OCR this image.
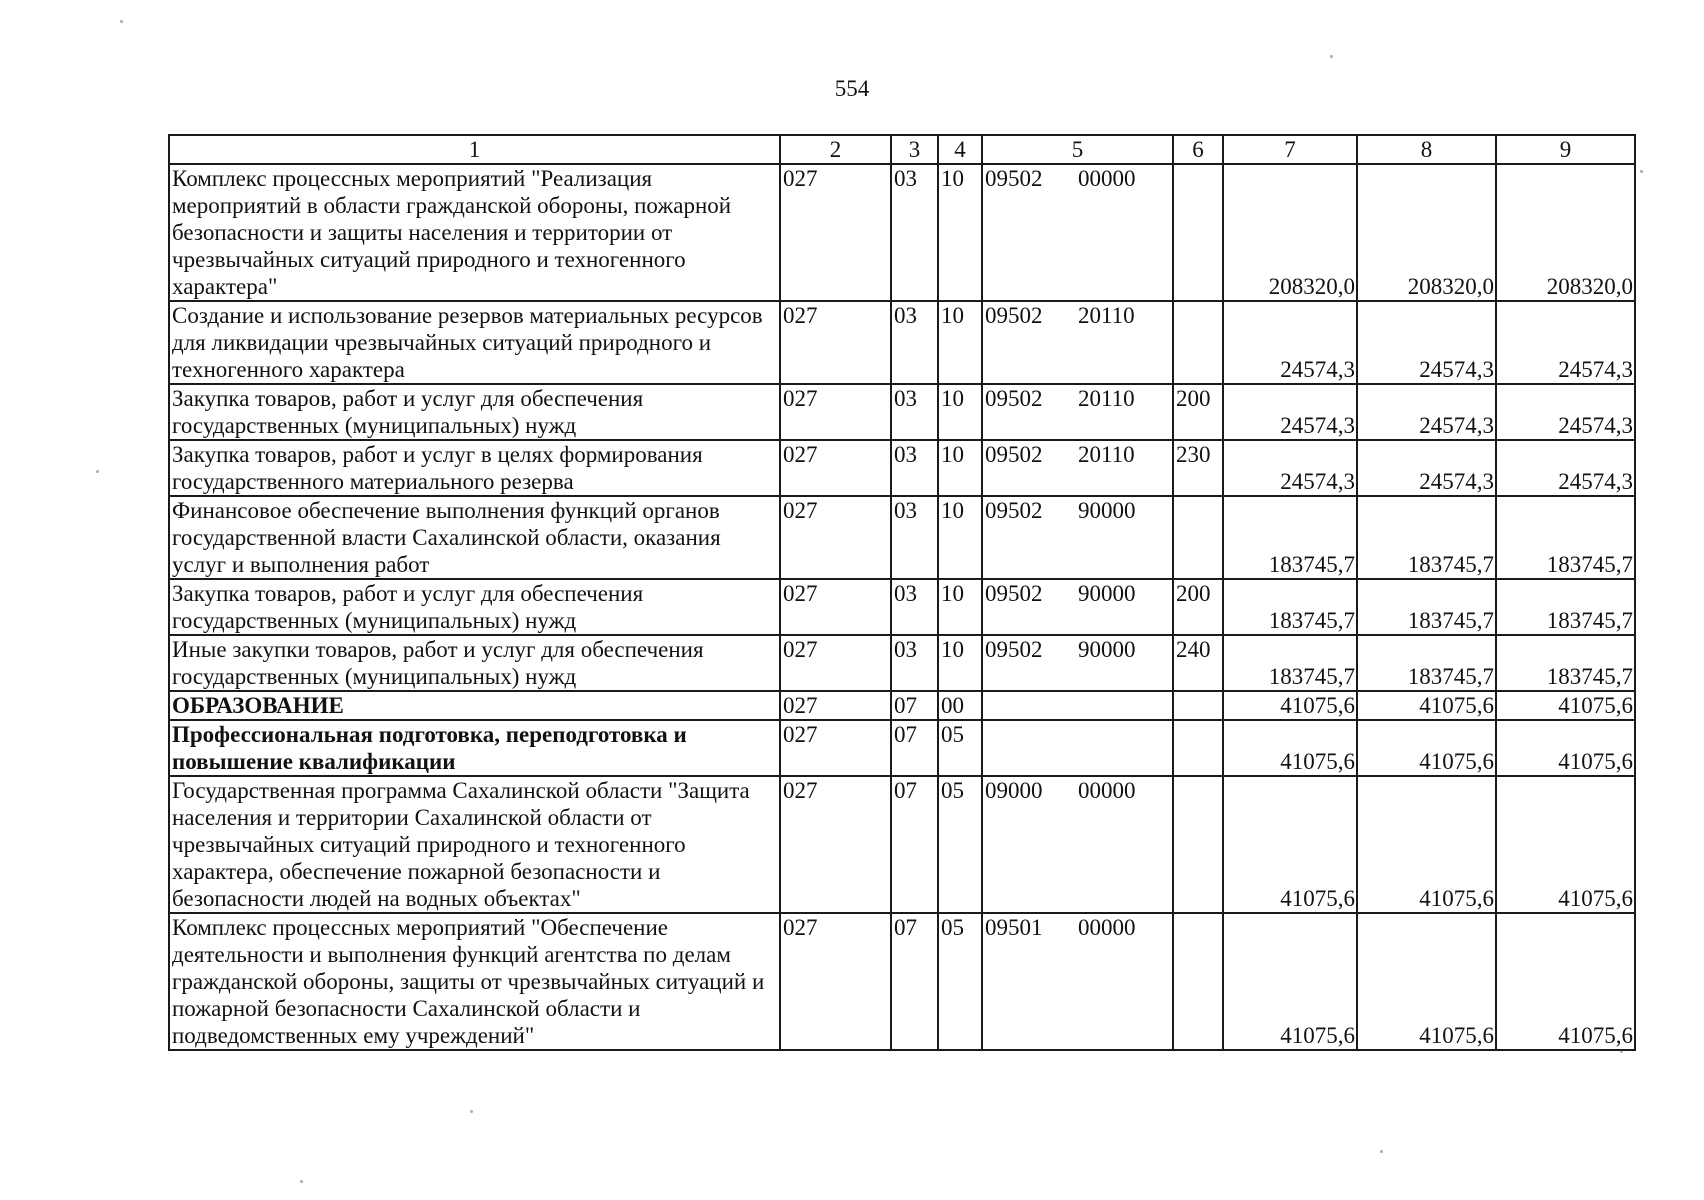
554
1	2	3	4	5	6	7	8	9
Комплекс процессных мероприятий "Реализация мероприятий в области гражданской обороны, пожарной безопасности и защиты населения и территории от чрезвычайных ситуаций природного и техногенного характера"	027	03	10	09502 00000		208320,0	208320,0	208320,0
Создание и использование резервов материальных ресурсов для ликвидации чрезвычайных ситуаций природного и техногенного характера	027	03	10	09502 20110		24574,3	24574,3	24574,3
Закупка товаров, работ и услуг для обеспечения государственных (муниципальных) нужд	027	03	10	09502 20110	200	24574,3	24574,3	24574,3
Закупка товаров, работ и услуг в целях формирования государственного материального резерва	027	03	10	09502 20110	230	24574,3	24574,3	24574,3
Финансовое обеспечение выполнения функций органов государственной власти Сахалинской области, оказания услуг и выполнения работ	027	03	10	09502 90000		183745,7	183745,7	183745,7
Закупка товаров, работ и услуг для обеспечения государственных (муниципальных) нужд	027	03	10	09502 90000	200	183745,7	183745,7	183745,7
Иные закупки товаров, работ и услуг для обеспечения государственных (муниципальных) нужд	027	03	10	09502 90000	240	183745,7	183745,7	183745,7
ОБРАЗОВАНИЕ	027	07	00			41075,6	41075,6	41075,6
Профессиональная подготовка, переподготовка и повышение квалификации	027	07	05			41075,6	41075,6	41075,6
Государственная программа Сахалинской области "Защита населения и территории Сахалинской области от чрезвычайных ситуаций природного и техногенного характера, обеспечение пожарной безопасности и безопасности людей на водных объектах"	027	07	05	09000 00000		41075,6	41075,6	41075,6
Комплекс процессных мероприятий "Обеспечение деятельности и выполнения функций агентства по делам гражданской обороны, защиты от чрезвычайных ситуаций и пожарной безопасности Сахалинской области и подведомственных ему учреждений"	027	07	05	09501 00000		41075,6	41075,6	41075,6
